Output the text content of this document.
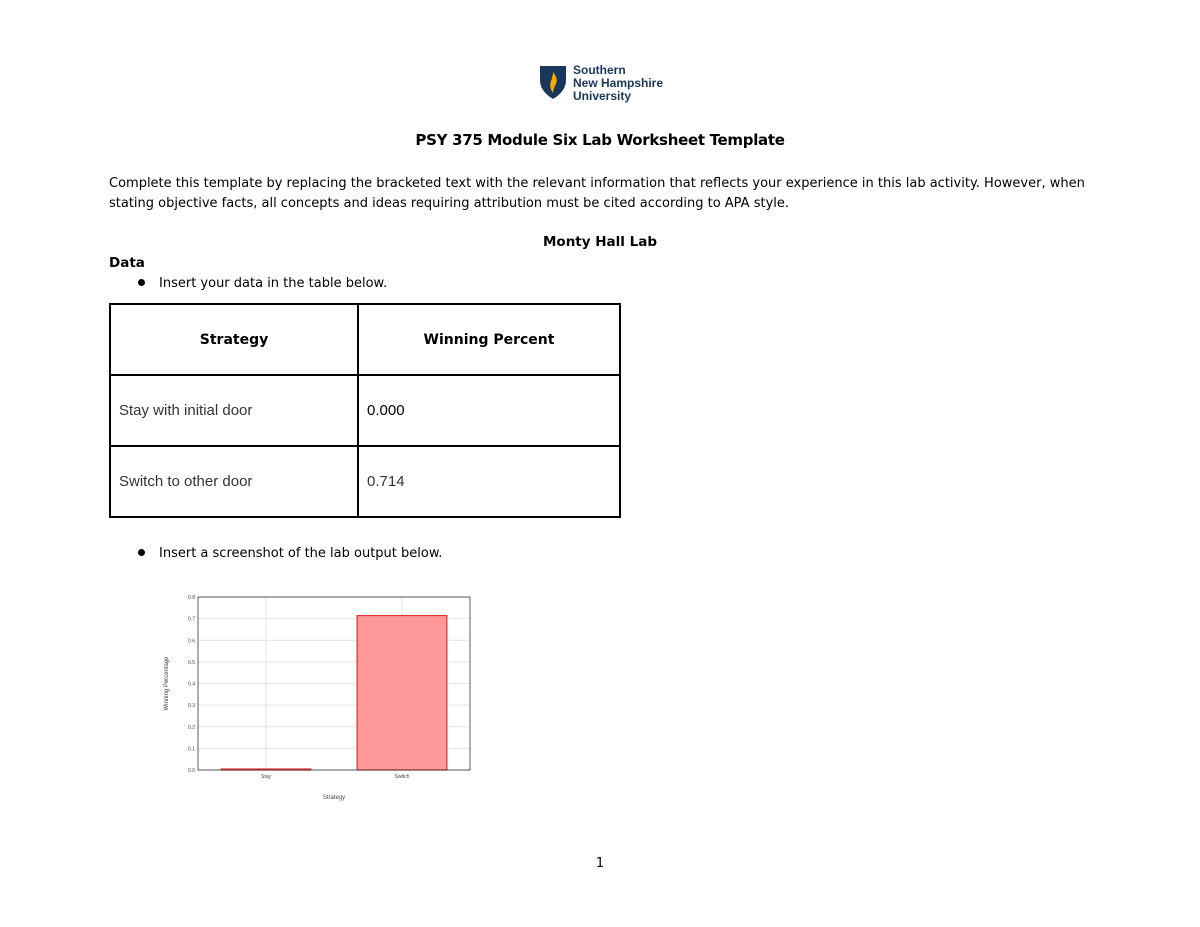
Southern
New Hampshire
University
PSY 375 Module Six Lab Worksheet Template
Complete this template by replacing the bracketed text with the relevant information that reflects your experience in this lab activity. However, when stating objective facts, all concepts and ideas requiring attribution must be cited according to APA style.
Monty Hall Lab
Data
Insert your data in the table below.
Strategy	Winning Percent
Stay with initial door	0.000
Switch to other door	0.714
Insert a screenshot of the lab output below.
0.0
0.1
0.2
0.3
0.4
0.5
0.6
0.7
0.8
Stay	Switch
Strategy
Winning Percentage
1
